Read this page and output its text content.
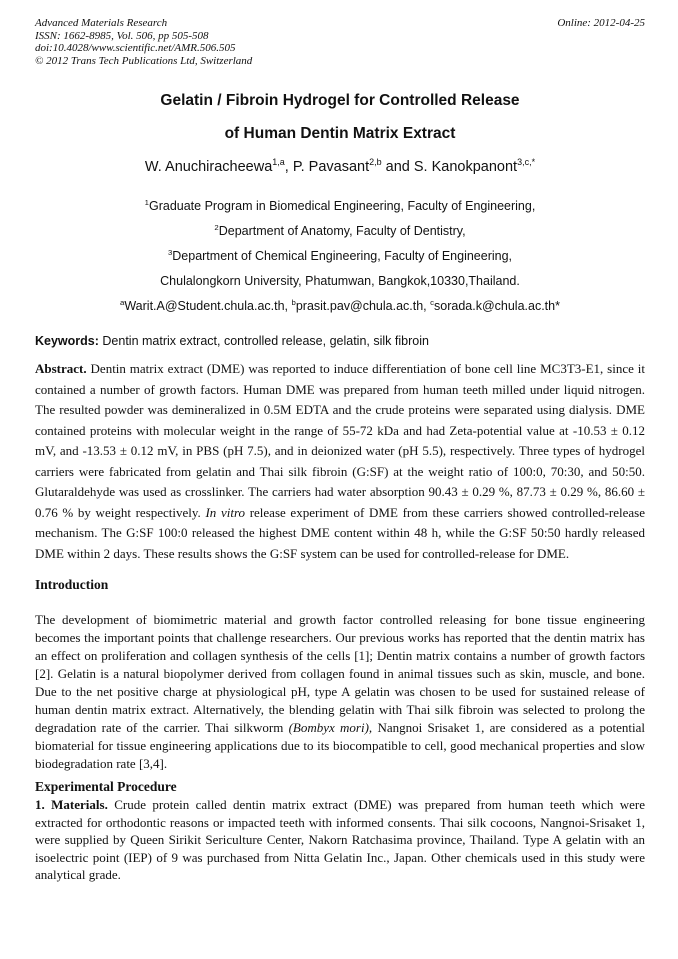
Advanced Materials Research
ISSN: 1662-8985, Vol. 506, pp 505-508
doi:10.4028/www.scientific.net/AMR.506.505
© 2012 Trans Tech Publications Ltd, Switzerland
Online: 2012-04-25
Gelatin / Fibroin Hydrogel for Controlled Release
of Human Dentin Matrix Extract
W. Anuchiracheewa$^{1,a}$, P. Pavasant$^{2,b}$ and S. Kanokpanont$^{3,c,*}$
$^1$Graduate Program in Biomedical Engineering, Faculty of Engineering,
$^2$Department of Anatomy, Faculty of Dentistry,
$^3$Department of Chemical Engineering, Faculty of Engineering,
Chulalongkorn University, Phatumwan, Bangkok,10330,Thailand.
$^a$Warit.A@Student.chula.ac.th, $^b$prasit.pav@chula.ac.th, $^c$sorada.k@chula.ac.th*
Keywords: Dentin matrix extract, controlled release, gelatin, silk fibroin

Abstract. Dentin matrix extract (DME) was reported to induce differentiation of bone cell line MC3T3-E1, since it contained a number of growth factors. Human DME was prepared from human teeth milled under liquid nitrogen. The resulted powder was demineralized in 0.5M EDTA and the crude proteins were separated using dialysis. DME contained proteins with molecular weight in the range of 55-72 kDa and had Zeta-potential value at -10.53 ± 0.12 mV, and -13.53 ± 0.12 mV, in PBS (pH 7.5), and in deionized water (pH 5.5), respectively. Three types of hydrogel carriers were fabricated from gelatin and Thai silk fibroin (G:SF) at the weight ratio of 100:0, 70:30, and 50:50. Glutaraldehyde was used as crosslinker. The carriers had water absorption 90.43 ± 0.29 %, 87.73 ± 0.29 %, 86.60 ± 0.76 % by weight respectively. In vitro release experiment of DME from these carriers showed controlled-release mechanism. The G:SF 100:0 released the highest DME content within 48 h, while the G:SF 50:50 hardly released DME within 2 days. These results shows the G:SF system can be used for controlled-release for DME.

Introduction

The development of biomimetric material and growth factor controlled releasing for bone tissue engineering becomes the important points that challenge researchers. Our previous works has reported that the dentin matrix has an effect on proliferation and collagen synthesis of the cells [1]; Dentin matrix contains a number of growth factors [2]. Gelatin is a natural biopolymer derived from collagen found in animal tissues such as skin, muscle, and bone. Due to the net positive charge at physiological pH, type A gelatin was chosen to be used for sustained release of human dentin matrix extract. Alternatively, the blending gelatin with Thai silk fibroin was selected to prolong the degradation rate of the carrier. Thai silkworm (Bombyx mori), Nangnoi Srisaket 1, are considered as a potential biomaterial for tissue engineering applications due to its biocompatible to cell, good mechanical properties and slow biodegradation rate [3,4].

Experimental Procedure

1. Materials. Crude protein called dentin matrix extract (DME) was prepared from human teeth which were extracted for orthodontic reasons or impacted teeth with informed consents. Thai silk cocoons, Nangnoi-Srisaket 1, were supplied by Queen Sirikit Sericulture Center, Nakorn Ratchasima province, Thailand. Type A gelatin with an isoelectric point (IEP) of 9 was purchased from Nitta Gelatin Inc., Japan. Other chemicals used in this study were analytical grade.
